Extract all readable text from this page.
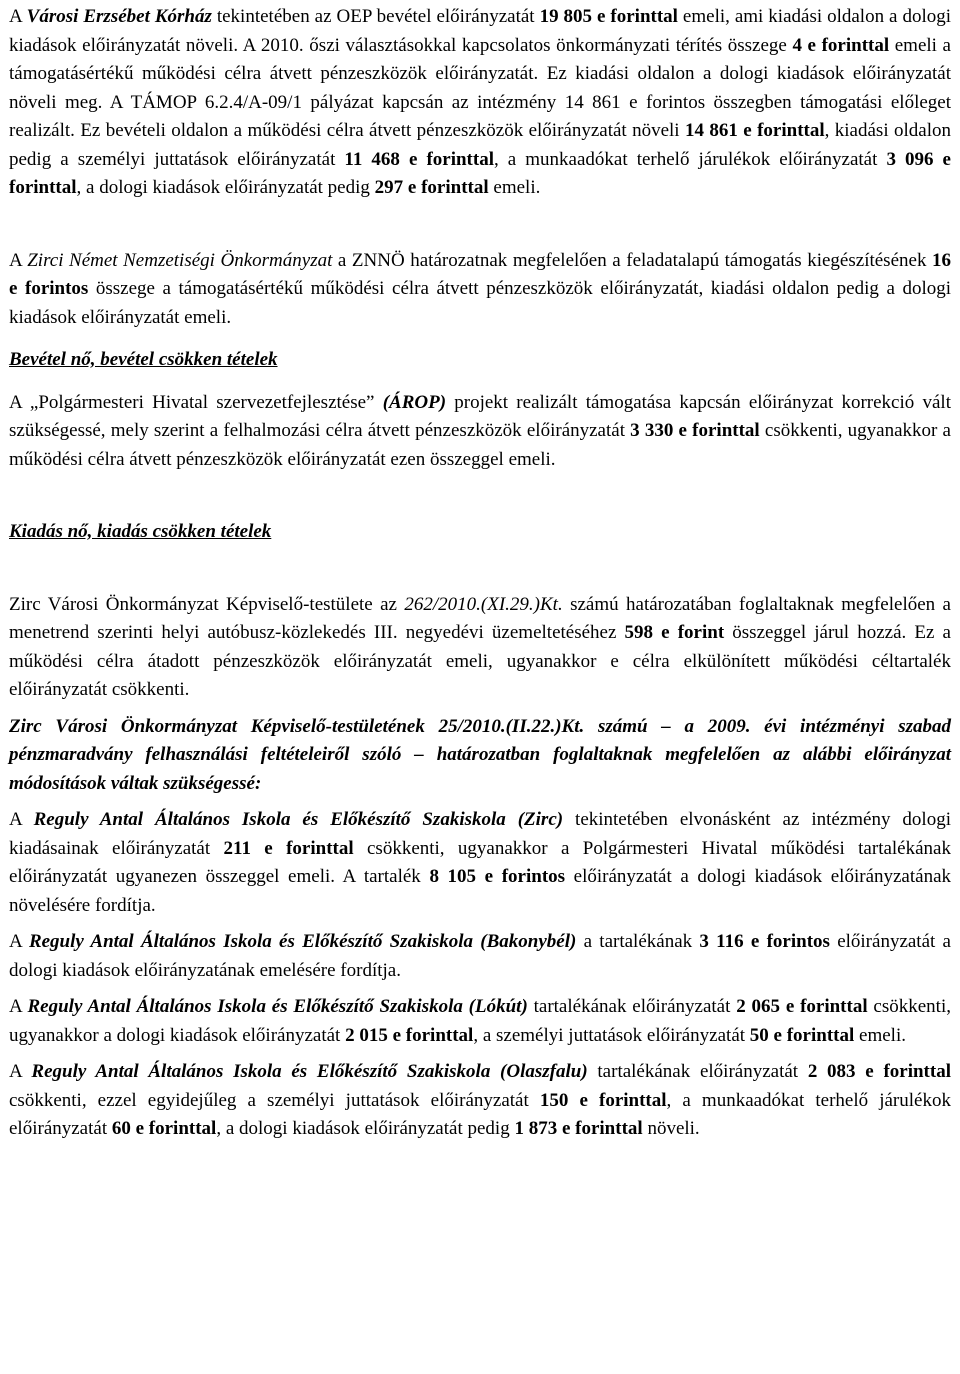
A Városi Erzsébet Kórház tekintetében az OEP bevétel előirányzatát 19 805 e forinttal emeli, ami kiadási oldalon a dologi kiadások előirányzatát növeli. A 2010. őszi választásokkal kapcsolatos önkormányzati térítés összege 4 e forinttal emeli a támogatásértékű működési célra átvett pénzeszközök előirányzatát. Ez kiadási oldalon a dologi kiadások előirányzatát növeli meg. A TÁMOP 6.2.4/A-09/1 pályázat kapcsán az intézmény 14 861 e forintos összegben támogatási előleget realizált. Ez bevételi oldalon a működési célra átvett pénzeszközök előirányzatát növeli 14 861 e forinttal, kiadási oldalon pedig a személyi juttatások előirányzatát 11 468 e forinttal, a munkaadókat terhelő járulékok előirányzatát 3 096 e forinttal, a dologi kiadások előirányzatát pedig 297 e forinttal emeli.

A Zirci Német Nemzetiségi Önkormányzat a ZNNÖ határozatnak megfelelően a feladatalapú támogatás kiegészítésének 16 e forintos összege a támogatásértékű működési célra átvett pénzeszközök előirányzatát, kiadási oldalon pedig a dologi kiadások előirányzatát emeli.

Bevétel nő, bevétel csökken tételek

A „Polgármesteri Hivatal szervezetfejlesztése” (ÁROP) projekt realizált támogatása kapcsán előirányzat korrekció vált szükségessé, mely szerint a felhalmozási célra átvett pénzeszközök előirányzatát 3 330 e forinttal csökkenti, ugyanakkor a működési célra átvett pénzeszközök előirányzatát ezen összeggel emeli.

Kiadás nő, kiadás csökken tételek

Zirc Városi Önkormányzat Képviselő-testülete az 262/2010.(XI.29.)Kt. számú határozatában foglaltaknak megfelelően a menetrend szerinti helyi autóbusz-közlekedés III. negyedévi üzemeltetéséhez 598 e forint összeggel járul hozzá. Ez a működési célra átadott pénzeszközök előirányzatát emeli, ugyanakkor e célra elkülönített működési céltartalék előirányzatát csökkenti.

Zirc Városi Önkormányzat Képviselő-testületének 25/2010.(II.22.)Kt. számú – a 2009. évi intézményi szabad pénzmaradvány felhasználási feltételeiről szóló – határozatban foglaltaknak megfelelően az alábbi előirányzat módosítások váltak szükségessé:

A Reguly Antal Általános Iskola és Előkészítő Szakiskola (Zirc) tekintetében elvonásként az intézmény dologi kiadásainak előirányzatát 211 e forinttal csökkenti, ugyanakkor a Polgármesteri Hivatal működési tartalékának előirányzatát ugyanezen összeggel emeli. A tartalék 8 105 e forintos előirányzatát a dologi kiadások előirányzatának növelésére fordítja.

A Reguly Antal Általános Iskola és Előkészítő Szakiskola (Bakonybél) a tartalékának 3 116 e forintos előirányzatát a dologi kiadások előirányzatának emelésére fordítja.

A Reguly Antal Általános Iskola és Előkészítő Szakiskola (Lókút) tartalékának előirányzatát 2 065 e forinttal csökkenti, ugyanakkor a dologi kiadások előirányzatát 2 015 e forinttal, a személyi juttatások előirányzatát 50 e forinttal emeli.

A Reguly Antal Általános Iskola és Előkészítő Szakiskola (Olaszfalu) tartalékának előirányzatát 2 083 e forinttal csökkenti, ezzel egyidejűleg a személyi juttatások előirányzatát 150 e forinttal, a munkaadókat terhelő járulékok előirányzatát 60 e forinttal, a dologi kiadások előirányzatát pedig 1 873 e forinttal növeli.
